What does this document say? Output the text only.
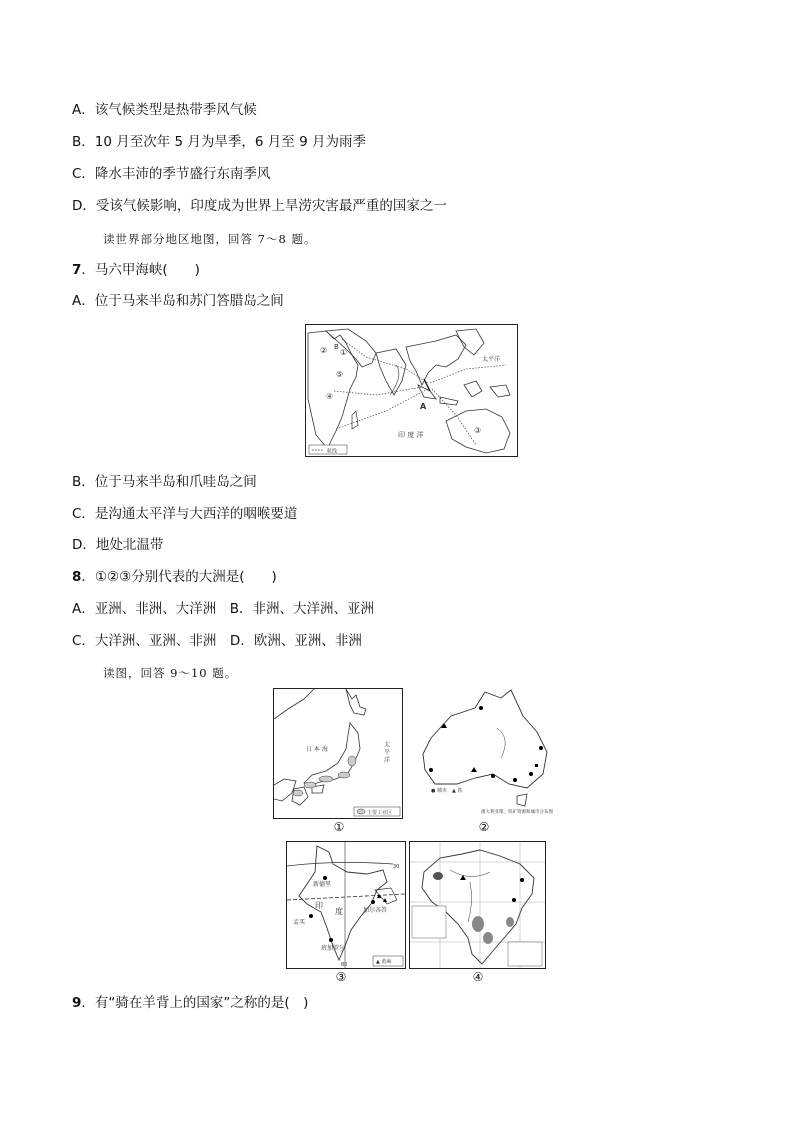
A．该气候类型是热带季风气候
B．10 月至次年 5 月为旱季，6 月至 9 月为雨季
C．降水丰沛的季节盛行东南季风
D．受该气候影响，印度成为世界上旱涝灾害最严重的国家之一
读世界部分地区地图，回答 7～8 题。
7．马六甲海峡(　　)
A．位于马来半岛和苏门答腊岛之间
B
② ①
⑤
④
③
A
太平洋
印 度 洋
航线
B．位于马来半岛和爪哇岛之间
C．是沟通太平洋与大西洋的咽喉要道
D．地处北温带
8．①②③分别代表的大洲是(　　)
A．亚洲、非洲、大洋洲　B．非洲、大洋洲、亚洲
C．大洋洲、亚洲、非洲　D．欧洲、亚洲、非洲
读图，回答 9～10 题。
日 本 海	太 平 洋
主要工业区
①
● 城市　▲ 铁
澳大利亚煤、铁矿资源和城市分布图
②
新德里
印
度	加尔各答
孟买
班加罗尔
30
80	▲ 黄麻
③	④
9．有“骑在羊背上的国家”之称的是(　)
